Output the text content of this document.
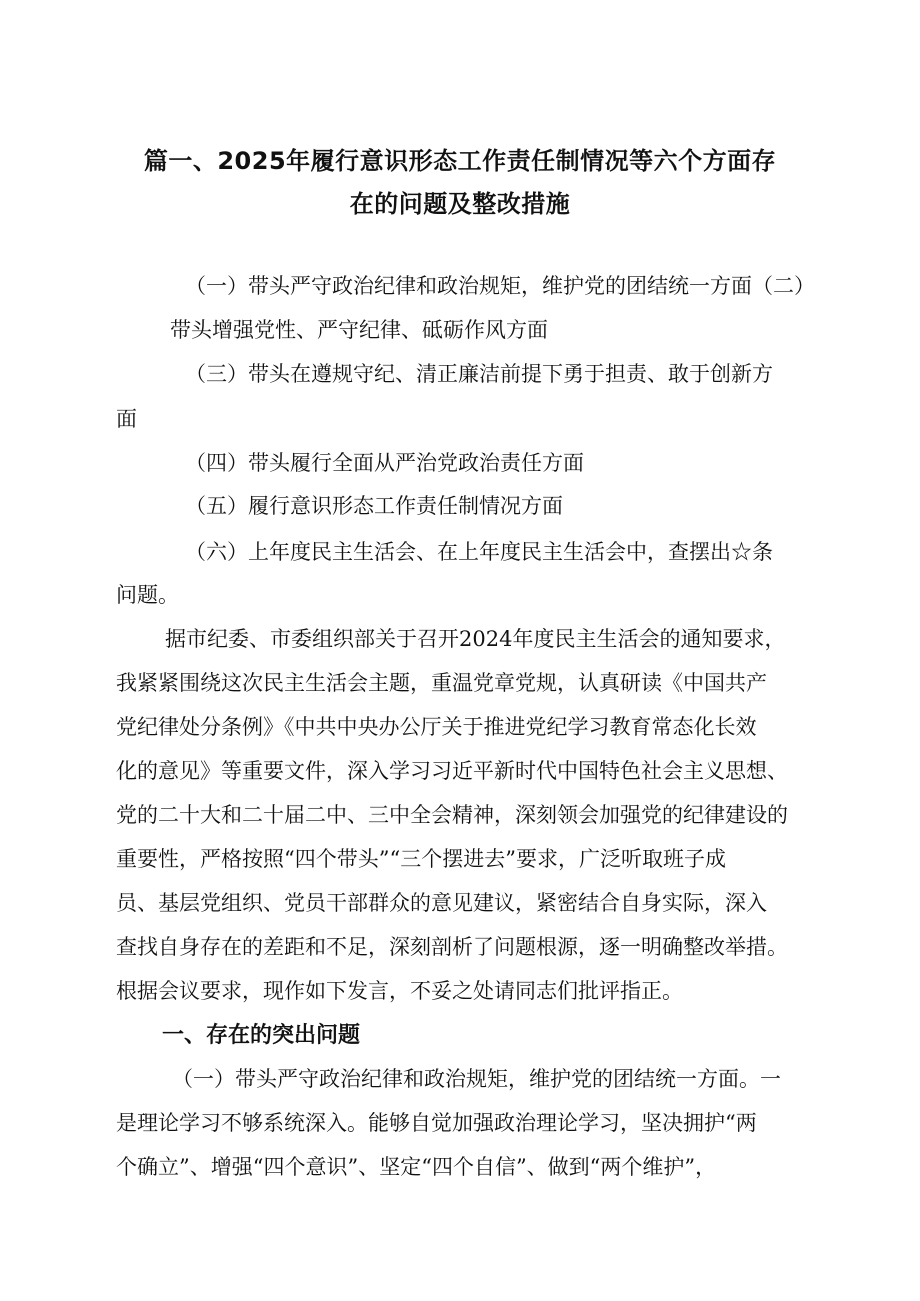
篇一、2025年履行意识形态工作责任制情况等六个方面存
在的问题及整改措施
（一）带头严守政治纪律和政治规矩，维护党的团结统一方面（二）
带头增强党性、严守纪律、砥砺作风方面
（三）带头在遵规守纪、清正廉洁前提下勇于担责、敢于创新方
面
（四）带头履行全面从严治党政治责任方面
（五）履行意识形态工作责任制情况方面
（六）上年度民主生活会、在上年度民主生活会中，查摆出☆条
问题。
据市纪委、市委组织部关于召开2024年度民主生活会的通知要求，
我紧紧围绕这次民主生活会主题，重温党章党规，认真研读《中国共产
党纪律处分条例》《中共中央办公厅关于推进党纪学习教育常态化长效
化的意见》等重要文件，深入学习习近平新时代中国特色社会主义思想、
党的二十大和二十届二中、三中全会精神，深刻领会加强党的纪律建设的
重要性，严格按照“四个带头”“三个摆进去”要求，广泛听取班子成
员、基层党组织、党员干部群众的意见建议，紧密结合自身实际，深入
查找自身存在的差距和不足，深刻剖析了问题根源，逐一明确整改举措。
根据会议要求，现作如下发言，不妥之处请同志们批评指正。
一、存在的突出问题
（一）带头严守政治纪律和政治规矩，维护党的团结统一方面。一
是理论学习不够系统深入。能够自觉加强政治理论学习，坚决拥护“两
个确立”、增强“四个意识”、坚定“四个自信”、做到“两个维护”，
